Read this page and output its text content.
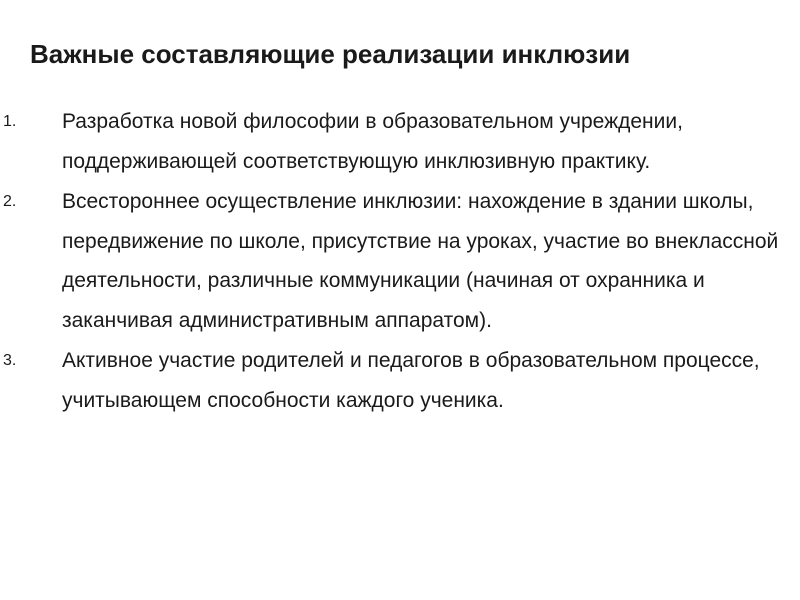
Важные составляющие реализации инклюзии
1. Разработка новой философии в образовательном учреждении, поддерживающей соответствующую инклюзивную практику.
2. Всестороннее осуществление инклюзии: нахождение в здании школы, передвижение по школе, присутствие на уроках, участие во внеклассной деятельности, различные коммуникации (начиная от охранника и заканчивая административным аппаратом).
3. Активное участие родителей и педагогов в образовательном процессе, учитывающем способности каждого ученика.
